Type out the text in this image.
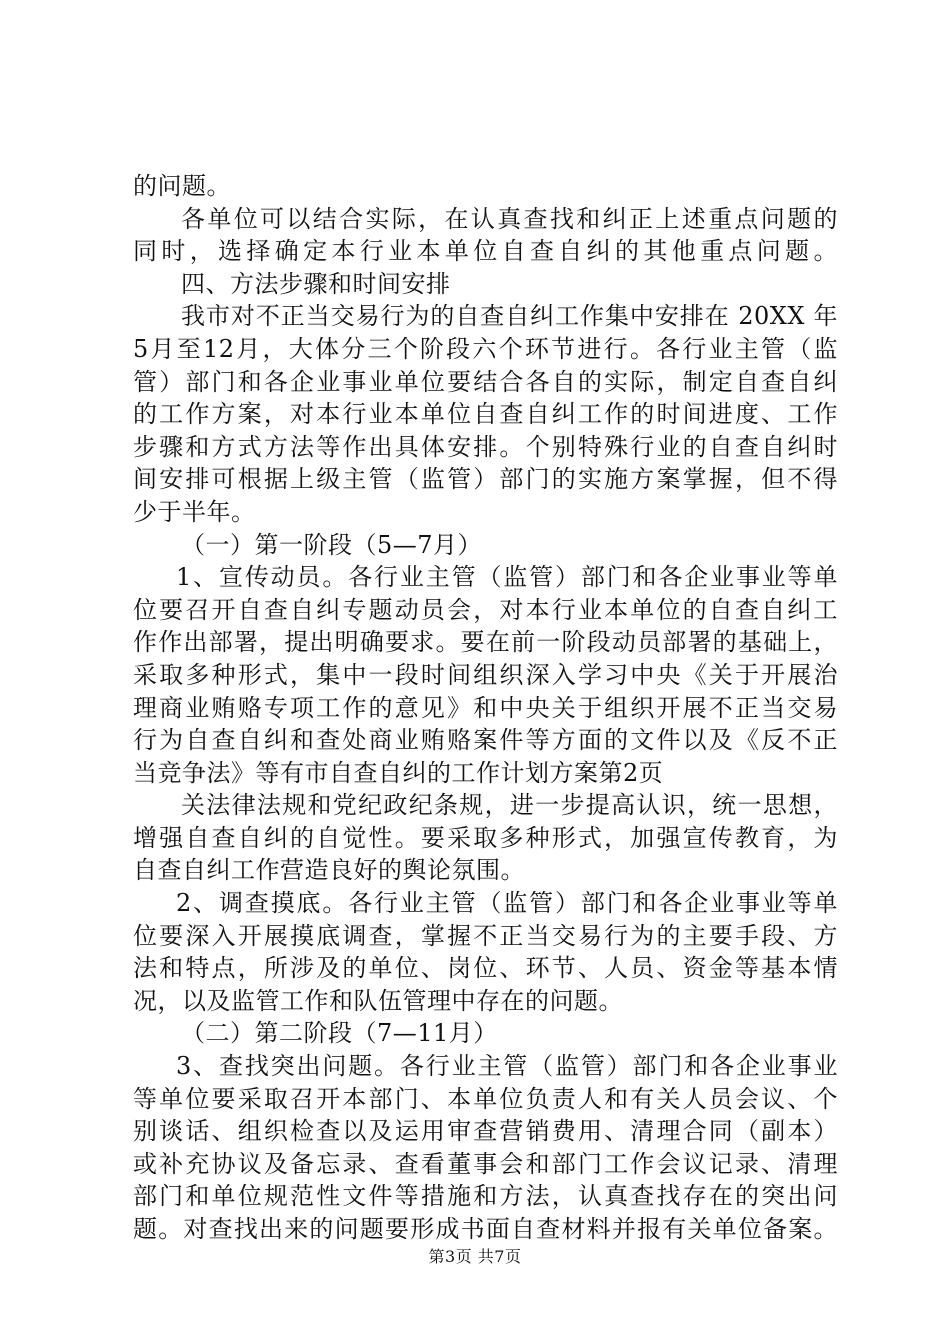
的问题。
各单位可以结合实际，在认真查找和纠正上述重点问题的
同时，选择确定本行业本单位自查自纠的其他重点问题。
四、方法步骤和时间安排
我市对不正当交易行为的自查自纠工作集中安排在 20XX 年
5月至12月，大体分三个阶段六个环节进行。各行业主管（监
管）部门和各企业事业单位要结合各自的实际，制定自查自纠
的工作方案，对本行业本单位自查自纠工作的时间进度、工作
步骤和方式方法等作出具体安排。个别特殊行业的自查自纠时
间安排可根据上级主管（监管）部门的实施方案掌握，但不得
少于半年。
（一）第一阶段（5—7月）
1、宣传动员。各行业主管（监管）部门和各企业事业等单
位要召开自查自纠专题动员会，对本行业本单位的自查自纠工
作作出部署，提出明确要求。要在前一阶段动员部署的基础上，
采取多种形式，集中一段时间组织深入学习中央《关于开展治
理商业贿赂专项工作的意见》和中央关于组织开展不正当交易
行为自查自纠和查处商业贿赂案件等方面的文件以及《反不正
当竞争法》等有市自查自纠的工作计划方案第2页
关法律法规和党纪政纪条规，进一步提高认识，统一思想，
增强自查自纠的自觉性。要采取多种形式，加强宣传教育，为
自查自纠工作营造良好的舆论氛围。
2、调查摸底。各行业主管（监管）部门和各企业事业等单
位要深入开展摸底调查，掌握不正当交易行为的主要手段、方
法和特点，所涉及的单位、岗位、环节、人员、资金等基本情
况，以及监管工作和队伍管理中存在的问题。
（二）第二阶段（7—11月）
3、查找突出问题。各行业主管（监管）部门和各企业事业
等单位要采取召开本部门、本单位负责人和有关人员会议、个
别谈话、组织检查以及运用审查营销费用、清理合同（副本）
或补充协议及备忘录、查看董事会和部门工作会议记录、清理
部门和单位规范性文件等措施和方法，认真查找存在的突出问
题。对查找出来的问题要形成书面自查材料并报有关单位备案。
第3页 共7页
